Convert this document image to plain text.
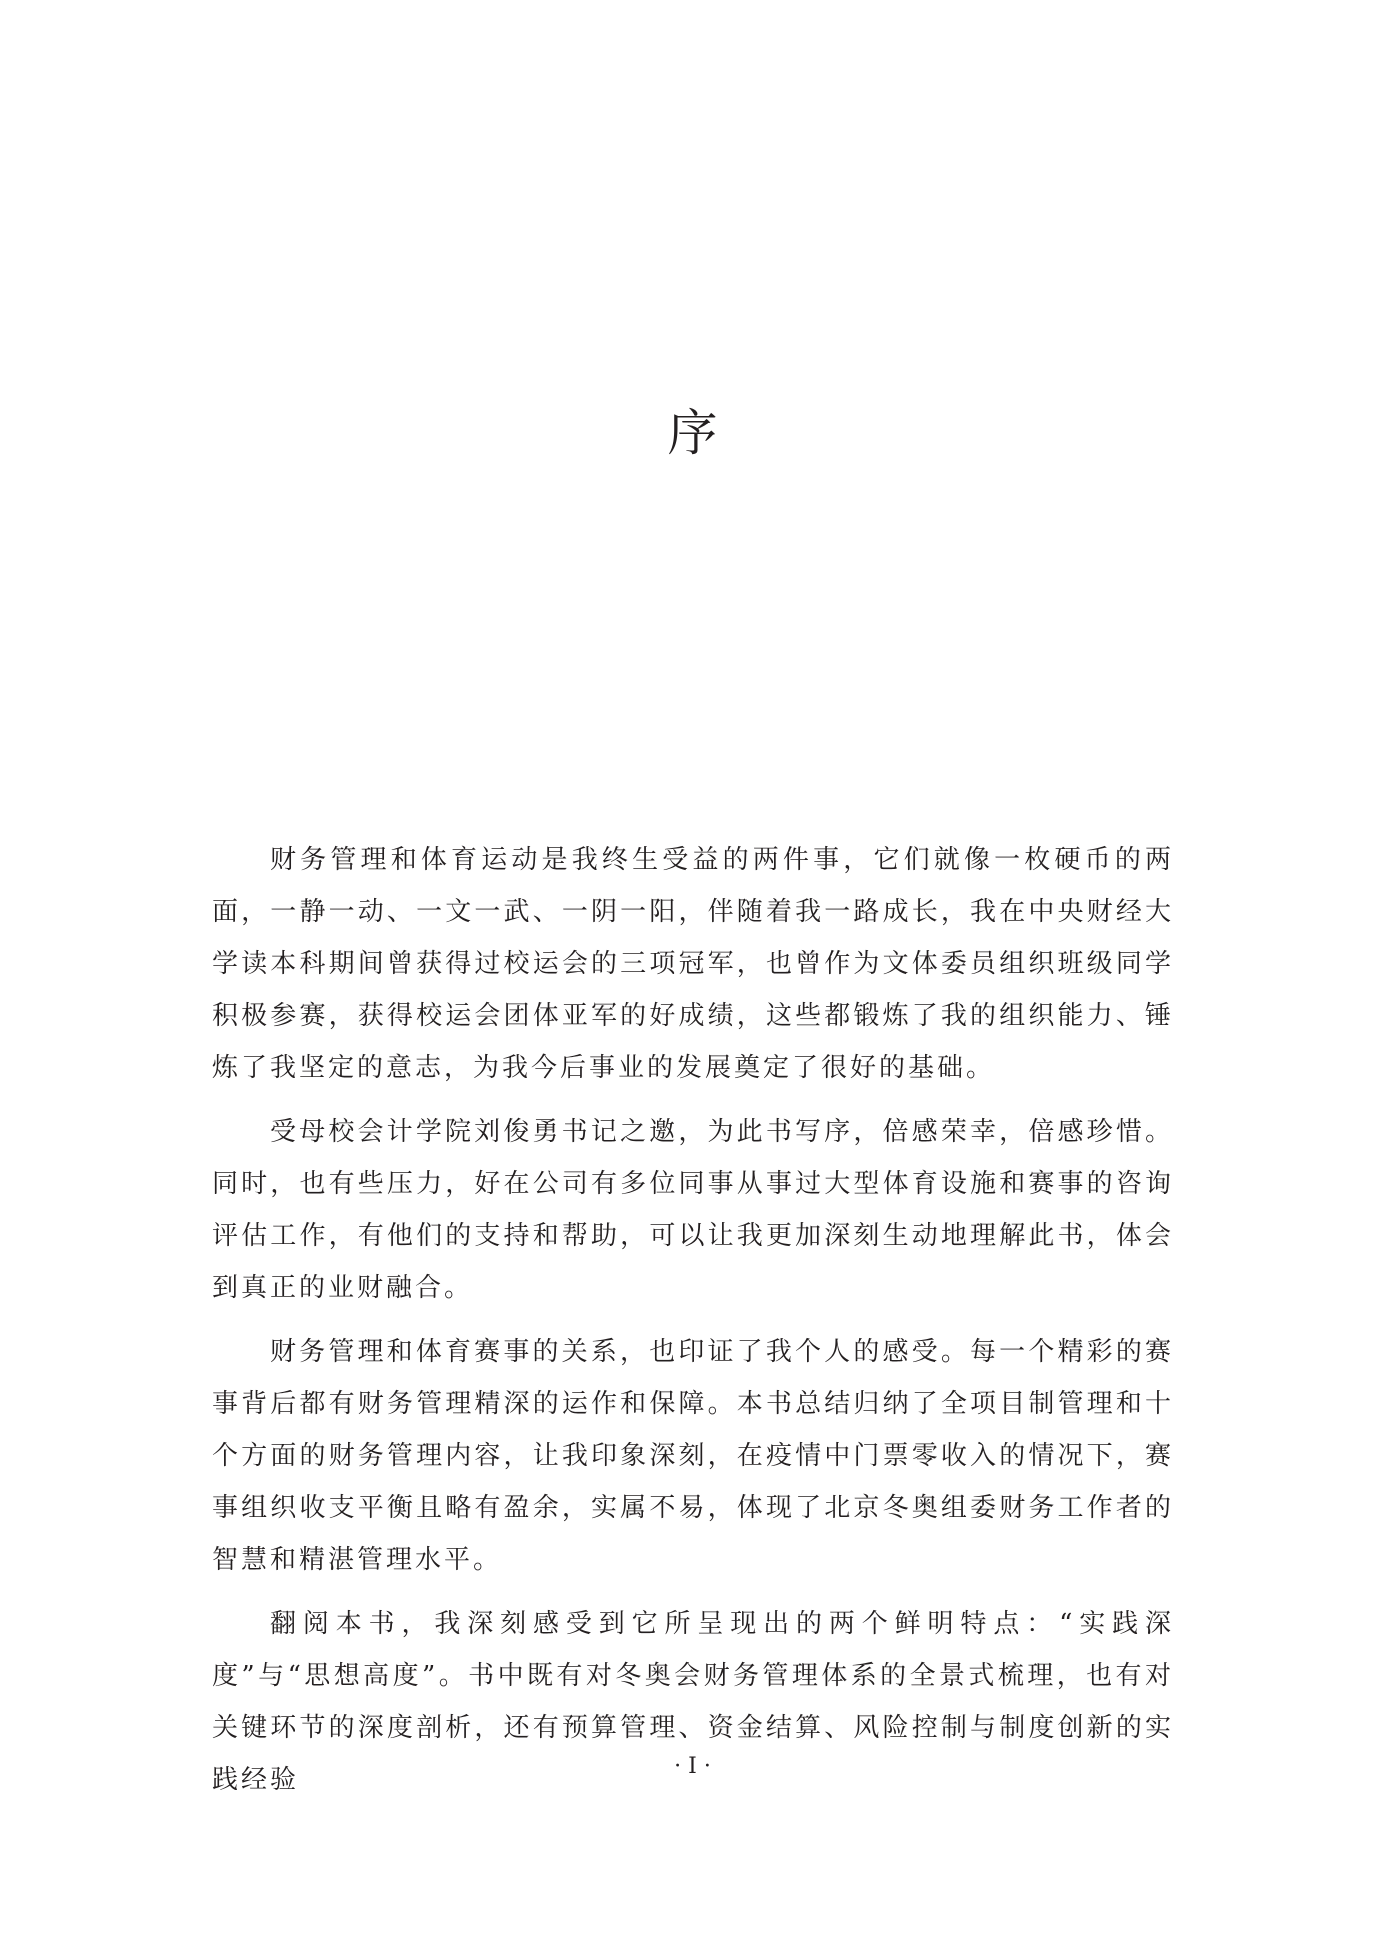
序

财务管理和体育运动是我终生受益的两件事，它们就像一枚硬币的两面，一静一动、一文一武、一阴一阳，伴随着我一路成长，我在中央财经大学读本科期间曾获得过校运会的三项冠军，也曾作为文体委员组织班级同学积极参赛，获得校运会团体亚军的好成绩，这些都锻炼了我的组织能力、锤炼了我坚定的意志，为我今后事业的发展奠定了很好的基础。

受母校会计学院刘俊勇书记之邀，为此书写序，倍感荣幸，倍感珍惜。同时，也有些压力，好在公司有多位同事从事过大型体育设施和赛事的咨询评估工作，有他们的支持和帮助，可以让我更加深刻生动地理解此书，体会到真正的业财融合。

财务管理和体育赛事的关系，也印证了我个人的感受。每一个精彩的赛事背后都有财务管理精深的运作和保障。本书总结归纳了全项目制管理和十个方面的财务管理内容，让我印象深刻，在疫情中门票零收入的情况下，赛事组织收支平衡且略有盈余，实属不易，体现了北京冬奥组委财务工作者的智慧和精湛管理水平。

翻阅本书，我深刻感受到它所呈现出的两个鲜明特点：“实践深度”与“思想高度”。书中既有对冬奥会财务管理体系的全景式梳理，也有对关键环节的深度剖析，还有预算管理、资金结算、风险控制与制度创新的实践经验	· I ·
